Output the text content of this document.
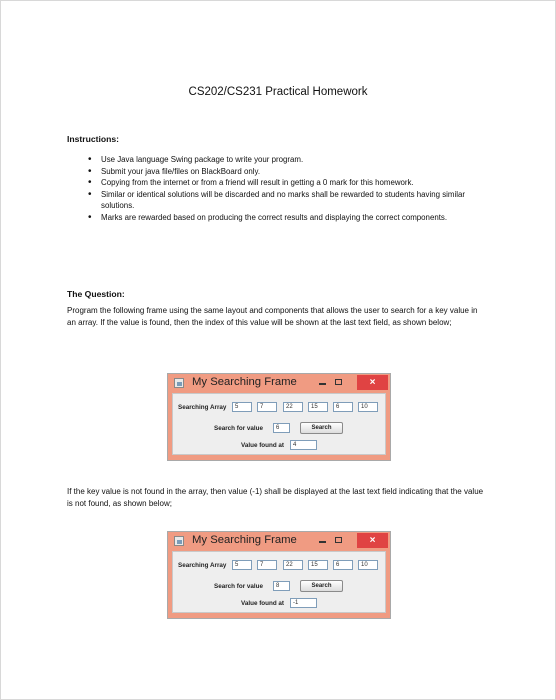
CS202/CS231 Practical Homework
Instructions:
• Use Java language Swing package to write your program.
• Submit your java file/files on BlackBoard only.
• Copying from the internet or from a friend will result in getting a 0 mark for this homework.
• Similar or identical solutions will be discarded and no marks shall be rewarded to students having similar solutions.
• Marks are rewarded based on producing the correct results and displaying the correct components.
The Question:
Program the following frame using the same layout and components that allows the user to search for a key value in an array. If the value is found, then the index of this value will be shown at the last text field, as shown below;
My Searching Frame	×
Searching Array	5	7	22	15	6	10
Search for value	6	Search
Value found at	4
If the key value is not found in the array, then value (-1) shall be displayed at the last text field indicating that the value is not found, as shown below;
My Searching Frame	×
Searching Array	5	7	22	15	6	10
Search for value	8	Search
Value found at	-1
